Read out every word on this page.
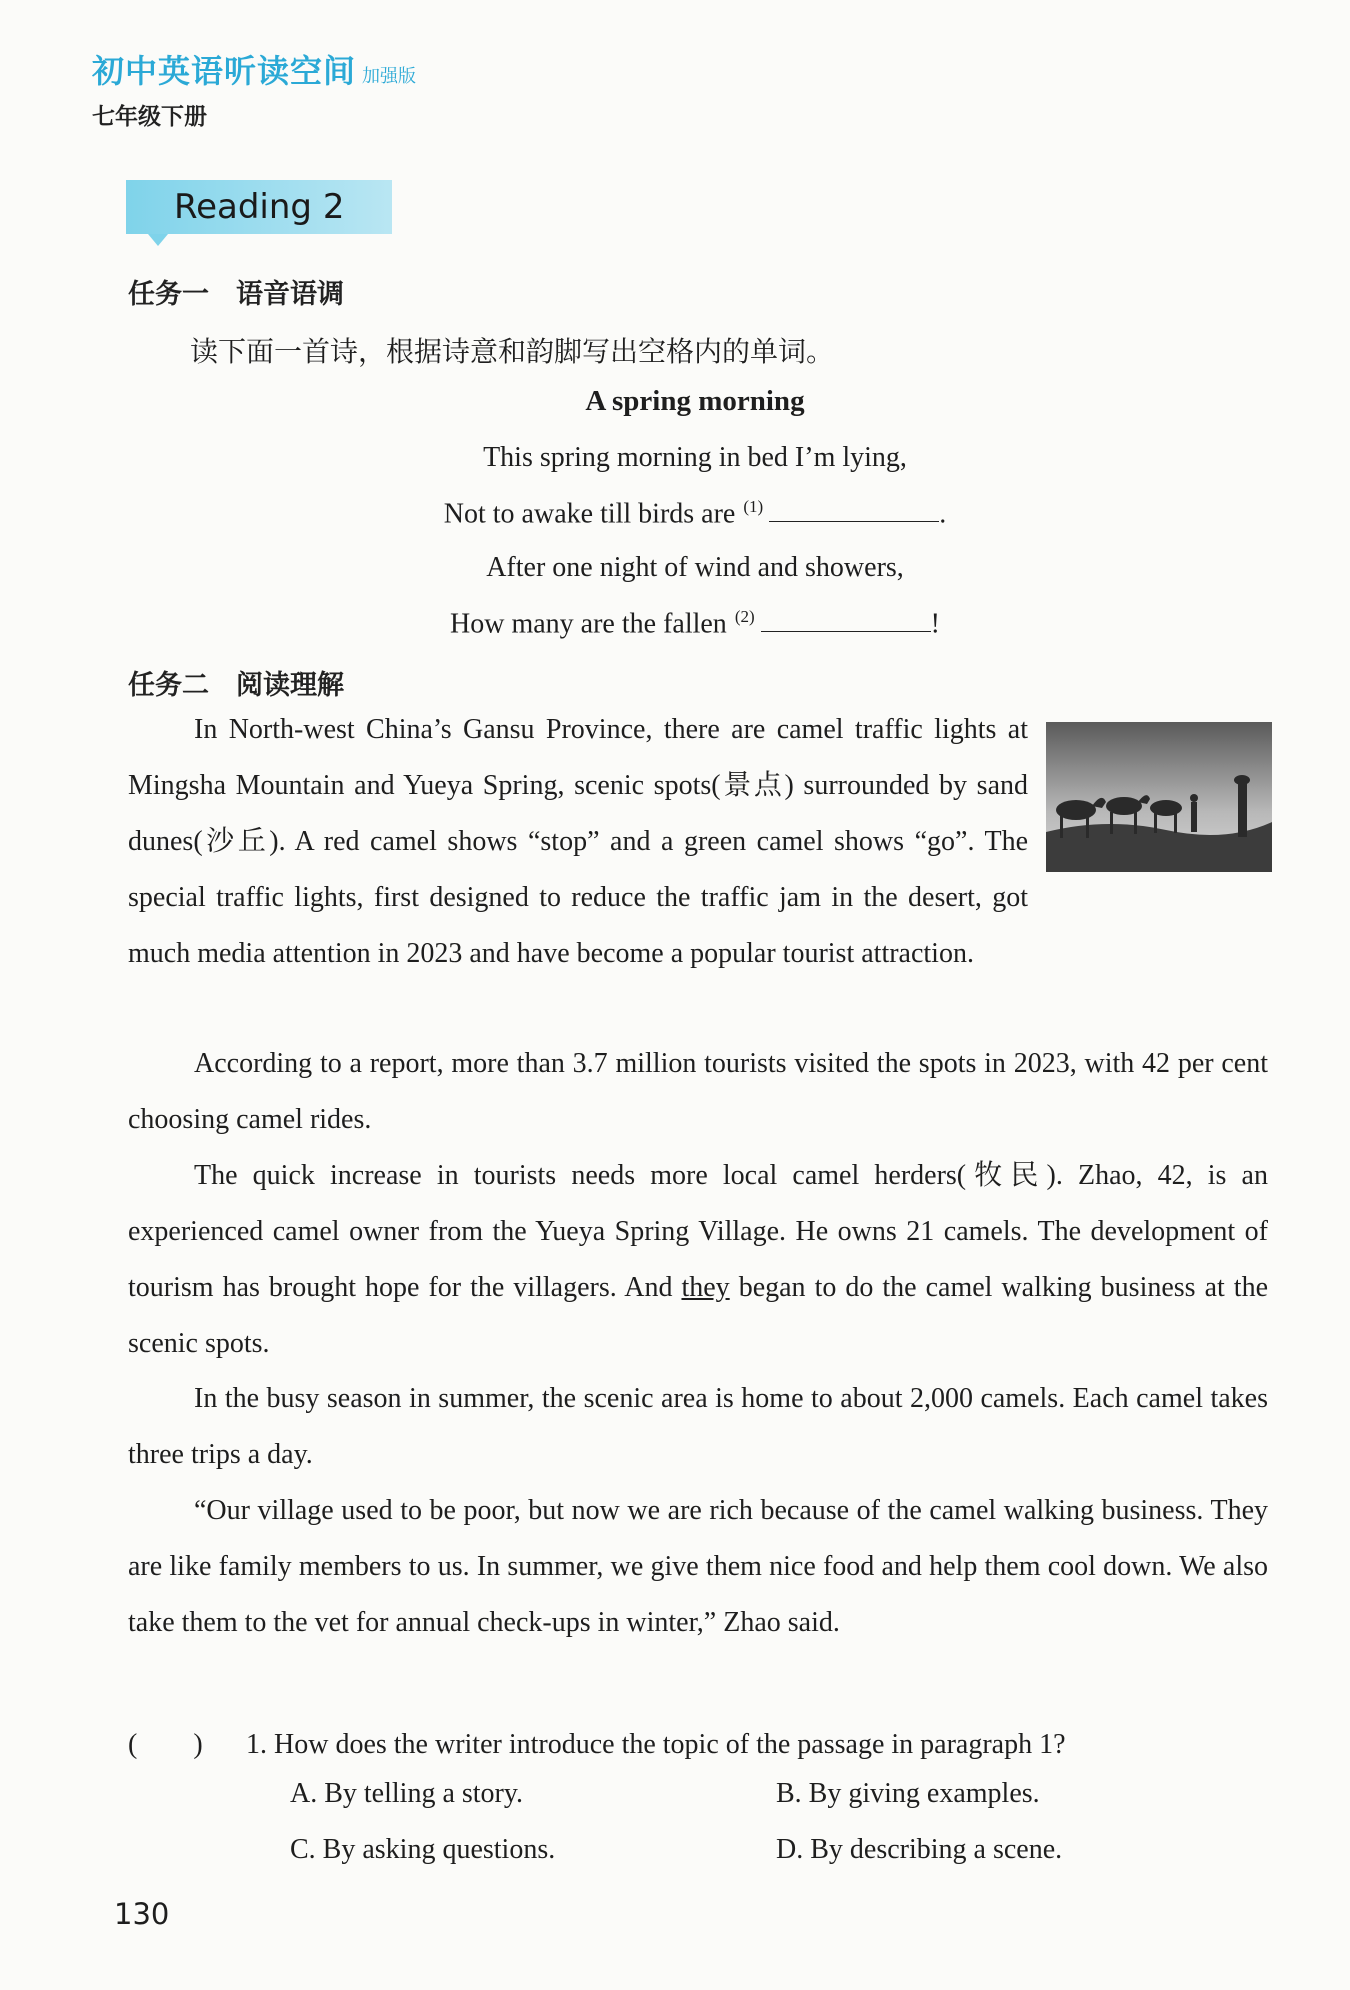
初中英语听读空间 加强版
七年级下册
Reading 2
任务一　语音语调
读下面一首诗，根据诗意和韵脚写出空格内的单词。
A spring morning
This spring morning in bed I’m lying,
Not to awake till birds are $^{(1)}$	.
After one night of wind and showers,
How many are the fallen $^{(2)}$	!
任务二　阅读理解
In North-west China’s Gansu Province, there are camel traffic lights at Mingsha Mountain and Yueya Spring, scenic spots(景点) surrounded by sand dunes(沙丘). A red camel shows “stop” and a green camel shows “go”. The special traffic lights, first designed to reduce the traffic jam in the desert, got much media attention in 2023 and have become a popular tourist attraction.
According to a report, more than 3.7 million tourists visited the spots in 2023, with 42 per cent choosing camel rides.
The quick increase in tourists needs more local camel herders(牧民). Zhao, 42, is an experienced camel owner from the Yueya Spring Village. He owns 21 camels. The development of tourism has brought hope for the villagers. And they began to do the camel walking business at the scenic spots.
In the busy season in summer, the scenic area is home to about 2,000 camels. Each camel takes three trips a day.
“Our village used to be poor, but now we are rich because of the camel walking business. They are like family members to us. In summer, we give them nice food and help them cool down. We also take them to the vet for annual check-ups in winter,” Zhao said.
(　　) 1. How does the writer introduce the topic of the passage in paragraph 1?
A. By telling a story.	B. By giving examples.
C. By asking questions.	D. By describing a scene.
130
